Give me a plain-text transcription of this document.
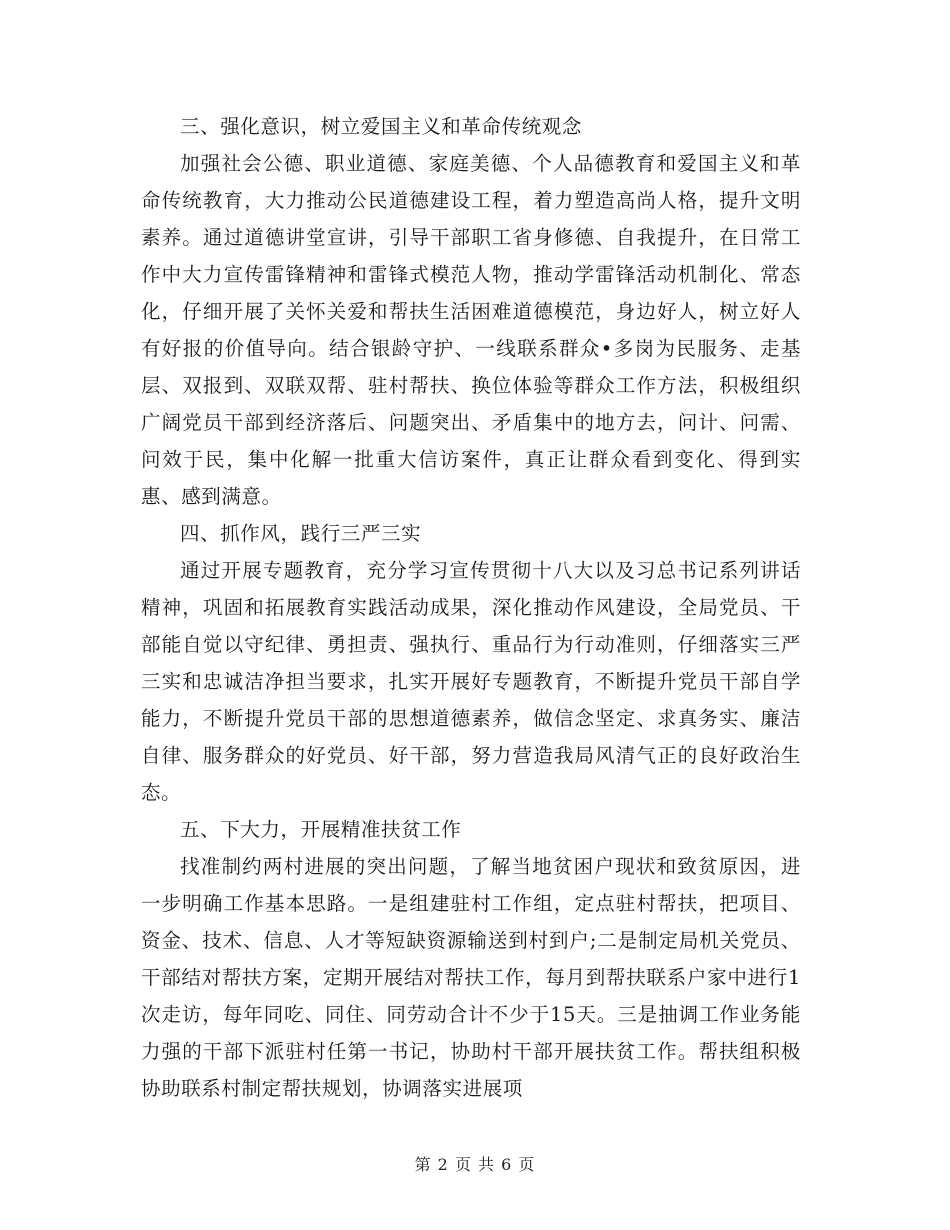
三、强化意识，树立爱国主义和革命传统观念

加强社会公德、职业道德、家庭美德、个人品德教育和爱国主义和革命传统教育，大力推动公民道德建设工程，着力塑造高尚人格，提升文明素养。通过道德讲堂宣讲，引导干部职工省身修德、自我提升，在日常工作中大力宣传雷锋精神和雷锋式模范人物，推动学雷锋活动机制化、常态化，仔细开展了关怀关爱和帮扶生活困难道德模范，身边好人，树立好人有好报的价值导向。结合银龄守护、一线联系群众•多岗为民服务、走基层、双报到、双联双帮、驻村帮扶、换位体验等群众工作方法，积极组织广阔党员干部到经济落后、问题突出、矛盾集中的地方去，问计、问需、问效于民，集中化解一批重大信访案件，真正让群众看到变化、得到实惠、感到满意。

四、抓作风，践行三严三实

通过开展专题教育，充分学习宣传贯彻十八大以及习总书记系列讲话精神，巩固和拓展教育实践活动成果，深化推动作风建设，全局党员、干部能自觉以守纪律、勇担责、强执行、重品行为行动准则，仔细落实三严三实和忠诚洁净担当要求，扎实开展好专题教育，不断提升党员干部自学能力，不断提升党员干部的思想道德素养，做信念坚定、求真务实、廉洁自律、服务群众的好党员、好干部，努力营造我局风清气正的良好政治生态。

五、下大力，开展精准扶贫工作

找准制约两村进展的突出问题，了解当地贫困户现状和致贫原因，进一步明确工作基本思路。一是组建驻村工作组，定点驻村帮扶，把项目、资金、技术、信息、人才等短缺资源输送到村到户;二是制定局机关党员、干部结对帮扶方案，定期开展结对帮扶工作，每月到帮扶联系户家中进行1次走访，每年同吃、同住、同劳动合计不少于15天。三是抽调工作业务能力强的干部下派驻村任第一书记，协助村干部开展扶贫工作。帮扶组积极协助联系村制定帮扶规划，协调落实进展项

第 2 页 共 6 页
